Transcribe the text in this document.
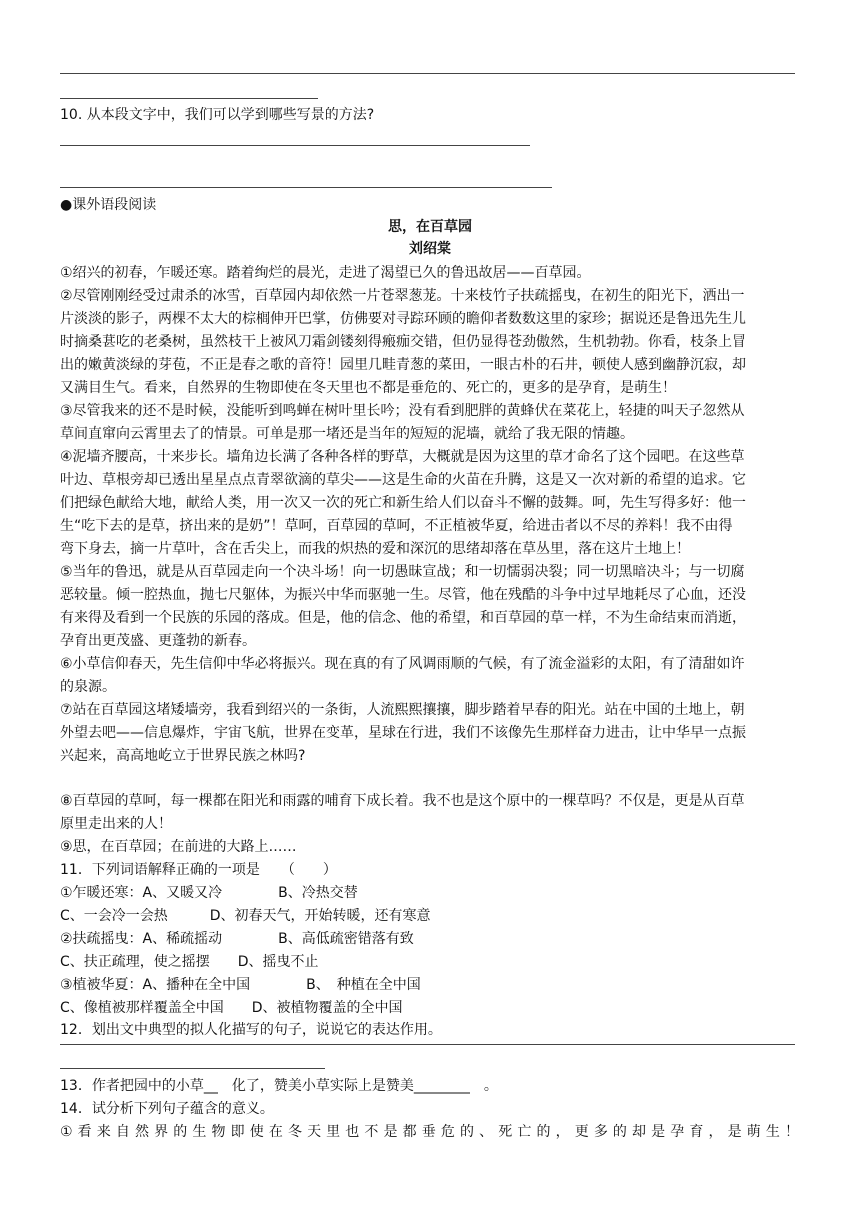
10. 从本段文字中，我们可以学到哪些写景的方法?
●课外语段阅读
思，在百草园
刘绍棠
①绍兴的初春，乍暖还寒。踏着绚烂的晨光，走进了渴望已久的鲁迅故居——百草园。
②尽管刚刚经受过肃杀的冰雪，百草园内却依然一片苍翠葱茏。十来枝竹子扶疏摇曳，在初生的阳光下，洒出一
片淡淡的影子，两棵不太大的棕榈伸开巴掌，仿佛要对寻踪环顾的瞻仰者数数这里的家珍；据说还是鲁迅先生儿
时摘桑葚吃的老桑树，虽然枝干上被风刀霜剑镂刻得瘢痂交错，但仍显得苍劲傲然，生机勃勃。你看，枝条上冒
出的嫩黄淡绿的芽苞，不正是春之歌的音符！园里几畦青葱的菜田，一眼古朴的石井，顿使人感到幽静沉寂，却
又满目生气。看来，自然界的生物即使在冬天里也不都是垂危的、死亡的，更多的是孕育，是萌生！
③尽管我来的还不是时候，没能听到鸣蝉在树叶里长吟；没有看到肥胖的黄蜂伏在菜花上，轻捷的叫天子忽然从
草间直窜向云霄里去了的情景。可单是那一堵还是当年的短短的泥墙，就给了我无限的情趣。
④泥墙齐腰高，十来步长。墙角边长满了各种各样的野草，大概就是因为这里的草才命名了这个园吧。在这些草
叶边、草根旁却已透出星星点点青翠欲滴的草尖——这是生命的火苗在升腾，这是又一次对新的希望的追求。它
们把绿色献给大地，献给人类，用一次又一次的死亡和新生给人们以奋斗不懈的鼓舞。呵，先生写得多好：他一
生“吃下去的是草，挤出来的是奶”！草呵，百草园的草呵，不正植被华夏，给进击者以不尽的养料！我不由得
弯下身去，摘一片草叶，含在舌尖上，而我的炽热的爱和深沉的思绪却落在草丛里，落在这片土地上！
⑤当年的鲁迅，就是从百草园走向一个决斗场！向一切愚昧宣战；和一切懦弱决裂；同一切黑暗决斗；与一切腐
恶较量。倾一腔热血，抛七尺躯体，为振兴中华而驱驰一生。尽管，他在残酷的斗争中过早地耗尽了心血，还没
有来得及看到一个民族的乐园的落成。但是，他的信念、他的希望，和百草园的草一样，不为生命结束而消逝，
孕育出更茂盛、更蓬勃的新春。
⑥小草信仰春天，先生信仰中华必将振兴。现在真的有了风调雨顺的气候，有了流金溢彩的太阳，有了清甜如许
的泉源。
⑦站在百草园这堵矮墙旁，我看到绍兴的一条街，人流熙熙攘攘，脚步踏着早春的阳光。站在中国的土地上，朝
外望去吧——信息爆炸，宇宙飞航，世界在变革，星球在行进，我们不该像先生那样奋力进击，让中华早一点振
兴起来，高高地屹立于世界民族之林吗?
⑧百草园的草呵，每一棵都在阳光和雨露的哺育下成长着。我不也是这个原中的一棵草吗？不仅是，更是从百草
原里走出来的人！
⑨思，在百草园；在前进的大路上……
11．下列词语解释正确的一项是　　（　　）
①乍暖还寒：A、又暖又冷　　　　B、冷热交替
C、一会冷一会热　　　D、初春天气，开始转暖，还有寒意
②扶疏摇曳：A、稀疏摇动　　　　B、高低疏密错落有致
C、扶正疏理，使之摇摆　　D、摇曳不止
③植被华夏：A、播种在全中国　　　　B、　种植在全中国
C、像植被那样覆盖全中国　　D、被植物覆盖的全中国
12．划出文中典型的拟人化描写的句子，说说它的表达作用。
13．作者把园中的小草__　化了，赞美小草实际上是赞美________　。
14．试分析下列句子蕴含的意义。
①看来自然界的生物即使在冬天里也不是都垂危的、死亡的，更多的却是孕育，是萌生！
